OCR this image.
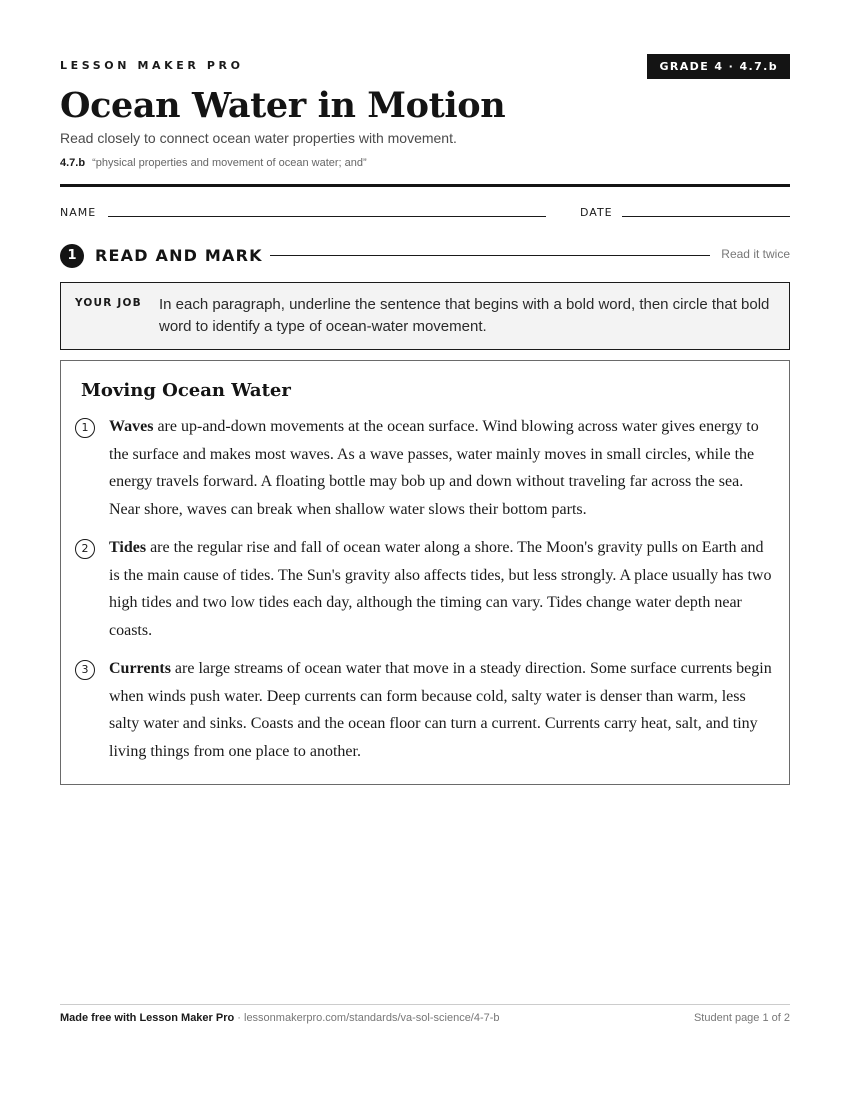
LESSON MAKER PRO	GRADE 4 · 4.7.b
Ocean Water in Motion
Read closely to connect ocean water properties with movement.
4.7.b “physical properties and movement of ocean water; and”
NAME	DATE
1	READ AND MARK	Read it twice
YOUR JOB In each paragraph, underline the sentence that begins with a bold word, then circle that bold word to identify a type of ocean-water movement.
Moving Ocean Water
1	Waves are up-and-down movements at the ocean surface. Wind blowing across water gives energy to the surface and makes most waves. As a wave passes, water mainly moves in small circles, while the energy travels forward. A floating bottle may bob up and down without traveling far across the sea. Near shore, waves can break when shallow water slows their bottom parts.

2	Tides are the regular rise and fall of ocean water along a shore. The Moon's gravity pulls on Earth and is the main cause of tides. The Sun's gravity also affects tides, but less strongly. A place usually has two high tides and two low tides each day, although the timing can vary. Tides change water depth near coasts.

3	Currents are large streams of ocean water that move in a steady direction. Some surface currents begin when winds push water. Deep currents can form because cold, salty water is denser than warm, less salty water and sinks. Coasts and the ocean floor can turn a current. Currents carry heat, salt, and tiny living things from one place to another.

Made free with Lesson Maker Pro · lessonmakerpro.com/standards/va-sol-science/4-7-b	Student page 1 of 2
